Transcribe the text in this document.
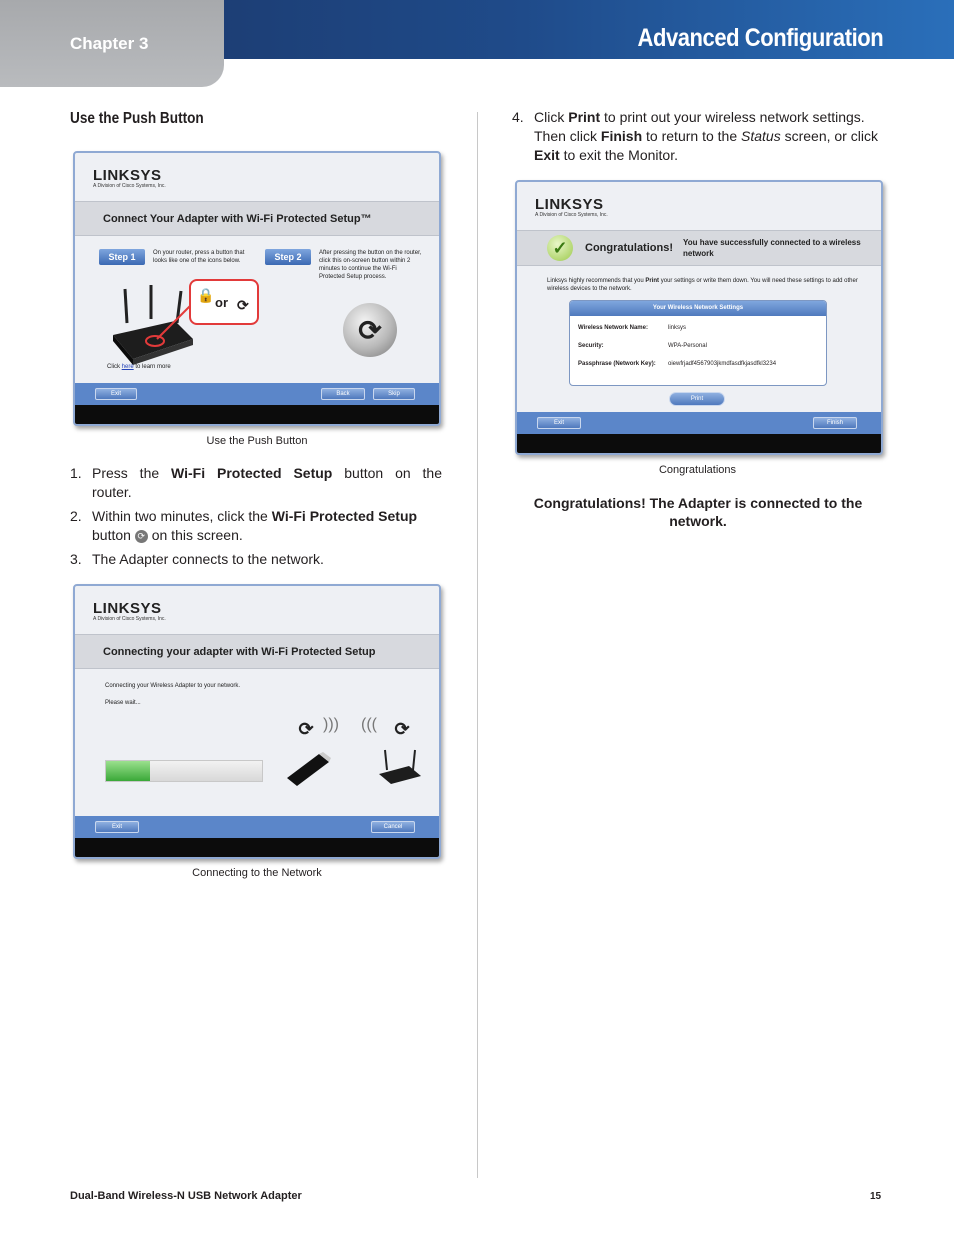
Chapter 3	Advanced Configuration
Use the Push Button
LINKSYS
A Division of Cisco Systems, Inc.
Connect Your Adapter with Wi-Fi Protected Setup™
Step 1	On your router, press a button that looks like one of the icons below.	Step 2	After pressing the button on the router, click this on-screen button within 2 minutes to continue the Wi-Fi Protected Setup process.
🔒 or ⟳
⟳
Click here to learn more
Exit	Back	Skip
Use the Push Button
1. Press the Wi-Fi Protected Setup button on the router.
2. Within two minutes, click the Wi-Fi Protected Setup
button ⟳ on this screen.
3. The Adapter connects to the network.
LINKSYS
A Division of Cisco Systems, Inc.
Connecting your adapter with Wi-Fi Protected Setup
Connecting your Wireless Adapter to your network.
Please wait...
⟳ ))) ((( ⟳
Exit	Cancel
Connecting to the Network
4. Click Print to print out your wireless network settings. Then click Finish to return to the Status screen, or click Exit to exit the Monitor.
LINKSYS
A Division of Cisco Systems, Inc.
✓	Congratulations! You have successfully connected to a wireless network
Linksys highly recommends that you Print your settings or write them down. You will need these settings to add other wireless devices to the network.
Your Wireless Network Settings
Wireless Network Name:	linksys
Security:	WPA-Personal
Passphrase (Network Key):	oiewfrjadf4567903jkmdfasdfkjasdfkl3234
Print
Exit	Finish
Congratulations
Congratulations! The Adapter is connected to the network.
Dual-Band Wireless-N USB Network Adapter	15
